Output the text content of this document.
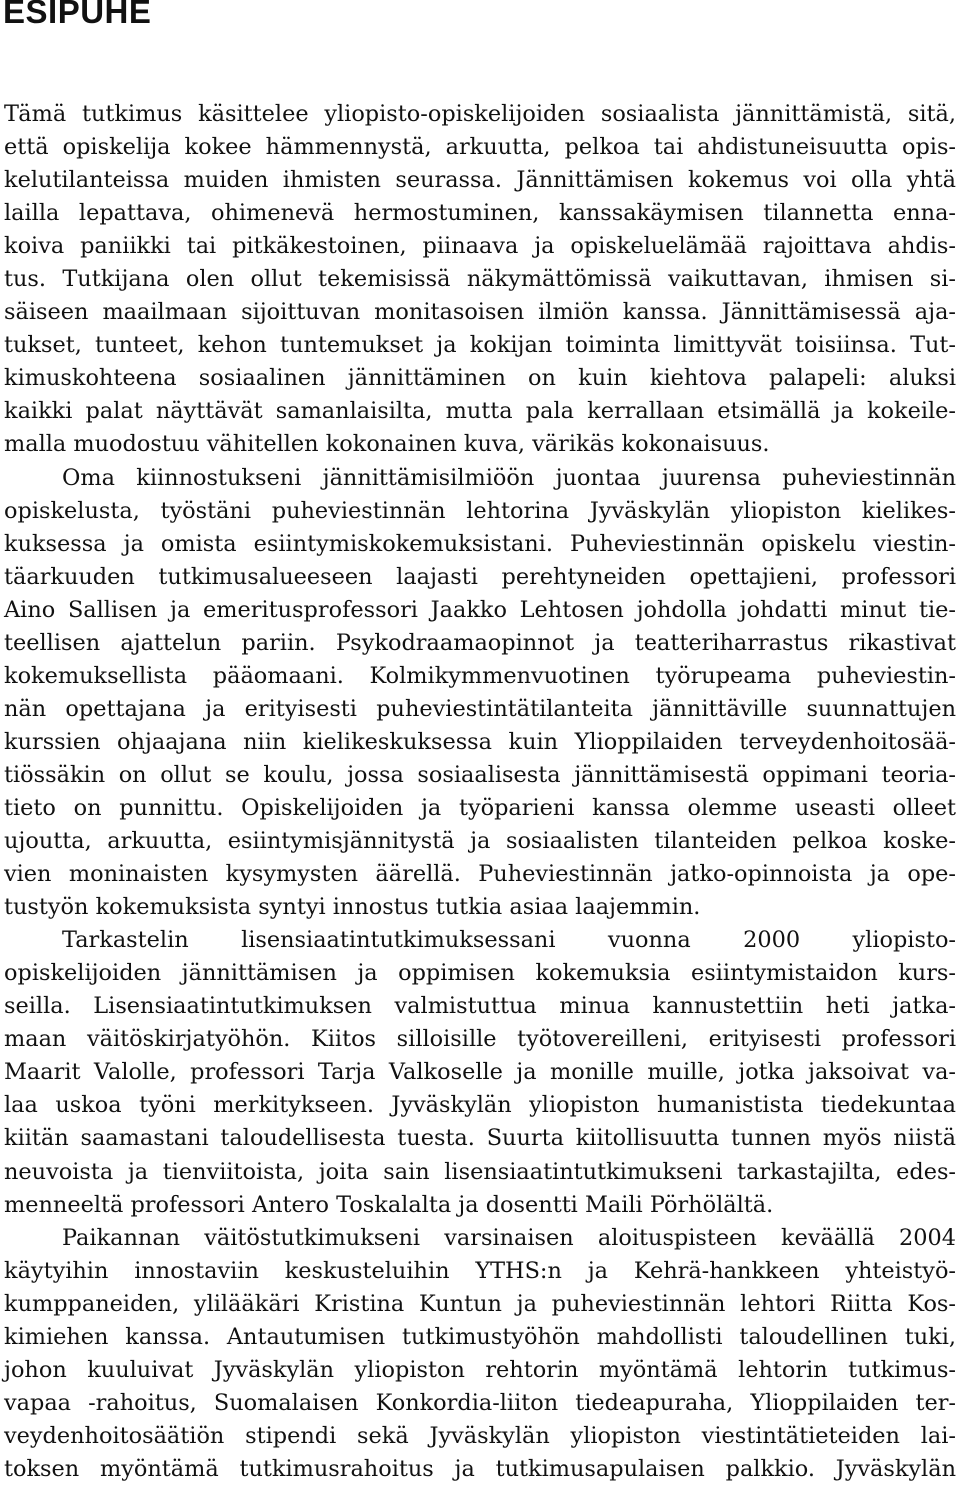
ESIPUHE
Tämä tutkimus käsittelee yliopisto-opiskelijoiden sosiaalista jännittämistä, sitä,
että opiskelija kokee hämmennystä, arkuutta, pelkoa tai ahdistuneisuutta opis-
kelutilanteissa muiden ihmisten seurassa. Jännittämisen kokemus voi olla yhtä
lailla lepattava, ohimenevä hermostuminen, kanssakäymisen tilannetta enna-
koiva paniikki tai pitkäkestoinen, piinaava ja opiskeluelämää rajoittava ahdis-
tus. Tutkijana olen ollut tekemisissä näkymättömissä vaikuttavan, ihmisen si-
säiseen maailmaan sijoittuvan monitasoisen ilmiön kanssa. Jännittämisessä aja-
tukset, tunteet, kehon tuntemukset ja kokijan toiminta limittyvät toisiinsa. Tut-
kimuskohteena sosiaalinen jännittäminen on kuin kiehtova palapeli: aluksi
kaikki palat näyttävät samanlaisilta, mutta pala kerrallaan etsimällä ja kokeile-
malla muodostuu vähitellen kokonainen kuva, värikäs kokonaisuus.
Oma kiinnostukseni jännittämisilmiöön juontaa juurensa puheviestinnän
opiskelusta, työstäni puheviestinnän lehtorina Jyväskylän yliopiston kielikes-
kuksessa ja omista esiintymiskokemuksistani. Puheviestinnän opiskelu viestin-
täarkuuden tutkimusalueeseen laajasti perehtyneiden opettajieni, professori
Aino Sallisen ja emeritusprofessori Jaakko Lehtosen johdolla johdatti minut tie-
teellisen ajattelun pariin. Psykodraamaopinnot ja teatteriharrastus rikastivat
kokemuksellista pääomaani. Kolmikymmenvuotinen työrupeama puheviestin-
nän opettajana ja erityisesti puheviestintätilanteita jännittäville suunnattujen
kurssien ohjaajana niin kielikeskuksessa kuin Ylioppilaiden terveydenhoitosää-
tiössäkin on ollut se koulu, jossa sosiaalisesta jännittämisestä oppimani teoria-
tieto on punnittu. Opiskelijoiden ja työparieni kanssa olemme useasti olleet
ujoutta, arkuutta, esiintymisjännitystä ja sosiaalisten tilanteiden pelkoa koske-
vien moninaisten kysymysten äärellä. Puheviestinnän jatko-opinnoista ja ope-
tustyön kokemuksista syntyi innostus tutkia asiaa laajemmin.
Tarkastelin lisensiaatintutkimuksessani vuonna 2000 yliopisto-
opiskelijoiden jännittämisen ja oppimisen kokemuksia esiintymistaidon kurs-
seilla. Lisensiaatintutkimuksen valmistuttua minua kannustettiin heti jatka-
maan väitöskirjatyöhön. Kiitos silloisille työtovereilleni, erityisesti professori
Maarit Valolle, professori Tarja Valkoselle ja monille muille, jotka jaksoivat va-
laa uskoa työni merkitykseen. Jyväskylän yliopiston humanistista tiedekuntaa
kiitän saamastani taloudellisesta tuesta. Suurta kiitollisuutta tunnen myös niistä
neuvoista ja tienviitoista, joita sain lisensiaatintutkimukseni tarkastajilta, edes-
menneeltä professori Antero Toskalalta ja dosentti Maili Pörhölältä.
Paikannan väitöstutkimukseni varsinaisen aloituspisteen keväällä 2004
käytyihin innostaviin keskusteluihin YTHS:n ja Kehrä-hankkeen yhteistyö-
kumppaneiden, ylilääkäri Kristina Kuntun ja puheviestinnän lehtori Riitta Kos-
kimiehen kanssa. Antautumisen tutkimustyöhön mahdollisti taloudellinen tuki,
johon kuuluivat Jyväskylän yliopiston rehtorin myöntämä lehtorin tutkimus-
vapaa -rahoitus, Suomalaisen Konkordia-liiton tiedeapuraha, Ylioppilaiden ter-
veydenhoitosäätiön stipendi sekä Jyväskylän yliopiston viestintätieteiden lai-
toksen myöntämä tutkimusrahoitus ja tutkimusapulaisen palkkio. Jyväskylän
